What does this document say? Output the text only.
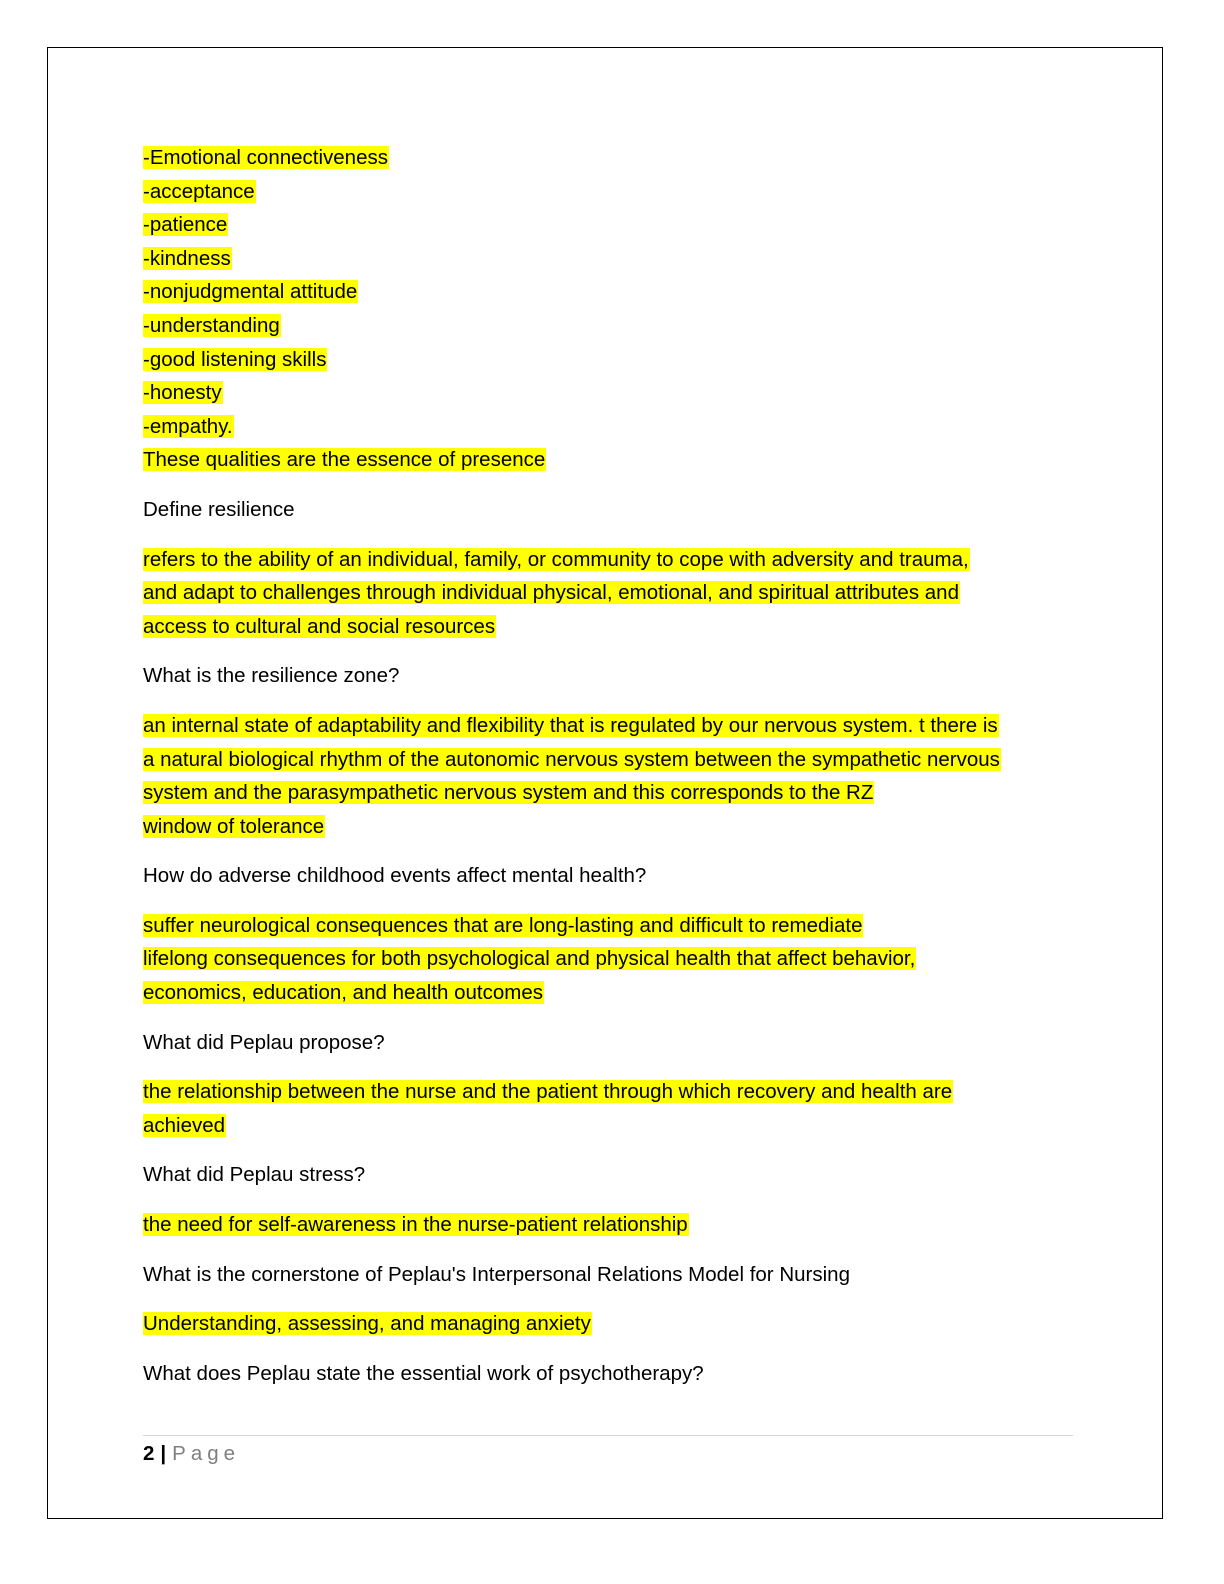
-Emotional connectiveness
-acceptance
-patience
-kindness
-nonjudgmental attitude
-understanding
-good listening skills
-honesty
-empathy.
These qualities are the essence of presence
Define resilience
refers to the ability of an individual, family, or community to cope with adversity and trauma,
and adapt to challenges through individual physical, emotional, and spiritual attributes and
access to cultural and social resources
What is the resilience zone?
an internal state of adaptability and flexibility that is regulated by our nervous system. t there is
a natural biological rhythm of the autonomic nervous system between the sympathetic nervous
system and the parasympathetic nervous system and this corresponds to the RZ
window of tolerance
How do adverse childhood events affect mental health?
suffer neurological consequences that are long-lasting and difficult to remediate
lifelong consequences for both psychological and physical health that affect behavior,
economics, education, and health outcomes
What did Peplau propose?
the relationship between the nurse and the patient through which recovery and health are
achieved
What did Peplau stress?
the need for self-awareness in the nurse-patient relationship
What is the cornerstone of Peplau's Interpersonal Relations Model for Nursing
Understanding, assessing, and managing anxiety
What does Peplau state the essential work of psychotherapy?
2 | Page
